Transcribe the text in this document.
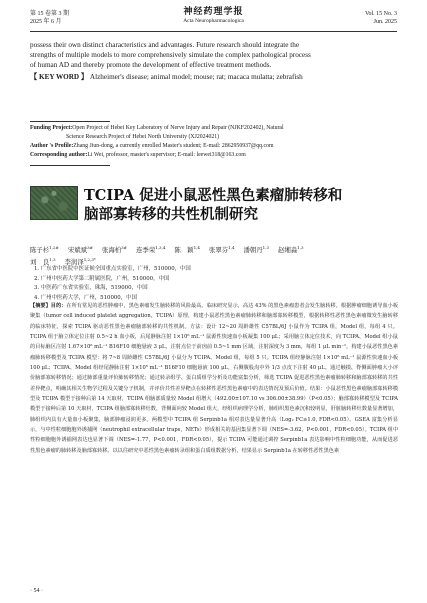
第 15 卷第 3 期
2025 年 6 月
神经药理学报
Acta Neuropharmacologica
Vol. 15 No. 3
Jun. 2025

possess their own distinct characteristics and advantages. Future research should integrate the

strengths of multiple models to more comprehensively simulate the complex pathological process

of human AD and thereby promote the development of effective treatment methods.

【 KEY WORD 】 Alzheimer's disease; animal model; mouse; rat; macaca mulatta; zebrafish

Funding Project:Open Project of Hebei Key Laboratory of Nerve Injury and Repair (NJKF202402), Natural

Science Research Project of Hebei North University (XJ2024021)

Author 's Profile:Zhang Jiun-dong, a currently enrolled Master's student; E-mail: 2862950937@qq.com

Corresponding author:Li Wei, professor, master's supervisor; E-mail: leewei318@163.com

TCIPA 促进小鼠恶性黑色素瘤肺转移和

脑部寡转移的共性机制研究

陈子杉$^{1,2\#}$ 宋斌斌$^{3\#}$ 张海柏$^{3\#}$ 连季荣$^{1,3,4}$ 陈　颖$^{1,4}$ 张翠芬$^{1,4}$ 潘朝丹$^{1,3}$ 赵缃淼$^{1,3}$

刘　良$^{1,3}$ 李润泽$^{1,2,3*}$

1. 广东省中医院中医证候全国重点实验室，广州，510000，中国

2. 广州中医药大学第二附属医院，广州，510000，中国

3. 中医药广东省实验室，珠海，519000，中国

4. 广州中医药大学，广州，510000，中国

【摘要】目的：在所有常见的恶性肿瘤中，黑色素瘤发生脑转移的风险最高。临床研究显示，高达 43% 的黑色素瘤患者会发生脑转移。根据肿瘤细胞诱导血小板聚集（tumor cell induced platelet aggregation，TCIPA）原理，构建小鼠恶性黑色素瘤肺转移和脑部寡转移模型，根据转移性恶性黑色素瘤微发生脑转移的临床特征，探索 TCIPA 驱动恶性黑色素瘤脑部转移的共性机制。方法：设计 12~20 周龄雄性 C57BL/6J 小鼠作为 TCIPA 组，Model 组，每组 4 只。TCIPA 组于脑立体定位注射 0.5~2 h 血小板，后尾静脉注射 1×10⁶ mL⁻¹ 鼠源性快速血小板凝集 100 μL；采用脑立体定位技术，向 TCIPA、Model 组小鼠的目标脑区注射 1.67×10⁶ mL⁻¹ B16F10 细胞悬液 3 μL，注射点位于前囟前 0.5~1 mm 区域，注射深度为 3 mm，每组 1 μL min⁻¹。构建小鼠恶性黑色素瘤肺转移模型及 TCIPA 模型：将 7~8 周龄雌性 C57BL/6J 小鼠分为 TCIPA、Model 组，每组 5 只。TCIPA 组经静脉注射 1×10⁶ mL⁻¹ 鼠源性快速血小板 100 μL；TCIPA、Model 组经尾静脉注射 1×10⁵ mL⁻¹ B16F10 细胞悬液 100 μL，右侧腹股沟中外 1/3 点皮下注射 40 μL。通过触摸、脊侧面肿瘤大小评价脑部寡转移情况；通过肺部重量评价肺转移情况；通过转录组学、蛋白质组学分析及功能富集分析，筛选 TCIPA 促进恶性黑色素瘤肺转移和脑部寡转移的共性差异靶点，明确其相关生物学过程及关键分子机制，并评价共性差异靶点在转移性恶性黑色素瘤中的表达情况及预后价值。结果：小鼠恶性黑色素瘤脑部寡转移模型及 TCIPA 模型于接种后第 14 天取材，TCIPA 组脑部质量较 Model 组增大（492.00±107.10 vs 306.00±38.99）（P<0.05）；脑部寡转移模型及 TCIPA 模型于接种后第 10 天取材，TCIPA 组脑部寡转移灶数，背侧面向较 Model 组大，经组织病理学分析，肺组织黑色素沉积较明显，肝脏脑转移灶数量显著增加，肺组织内具有大量血小板聚集，脑部肿瘤浸润更多。两模型中 TCIPA 组 Serpinb1a 相对表达量显著升高（Log₂ FC≥1.0, FDR<0.05）。GSEA 富集分析显示，与中性粒细胞胞外诱捕网（neutrophil extracellular traps，NETs）形成相关的基因集显著下调（NES=-3.62，P<0.001，FDR<0.05）。TCIPA 组中性粒细胞胞外诱捕网表达也显著下调（NES=-1.77，P<0.001，FDR<0.05），提示 TCIPA 可能通过调控 Serpinb1a 表达影响中性粒细胞功能，从而促进恶性黑色素瘤的肺转移及脑部寡转移。以以往研究中恶性黑色素瘤转录组和蛋白质组数据分析，结果显示 Serpinb1a 在转移性恶性黑色素

· 54 ·
